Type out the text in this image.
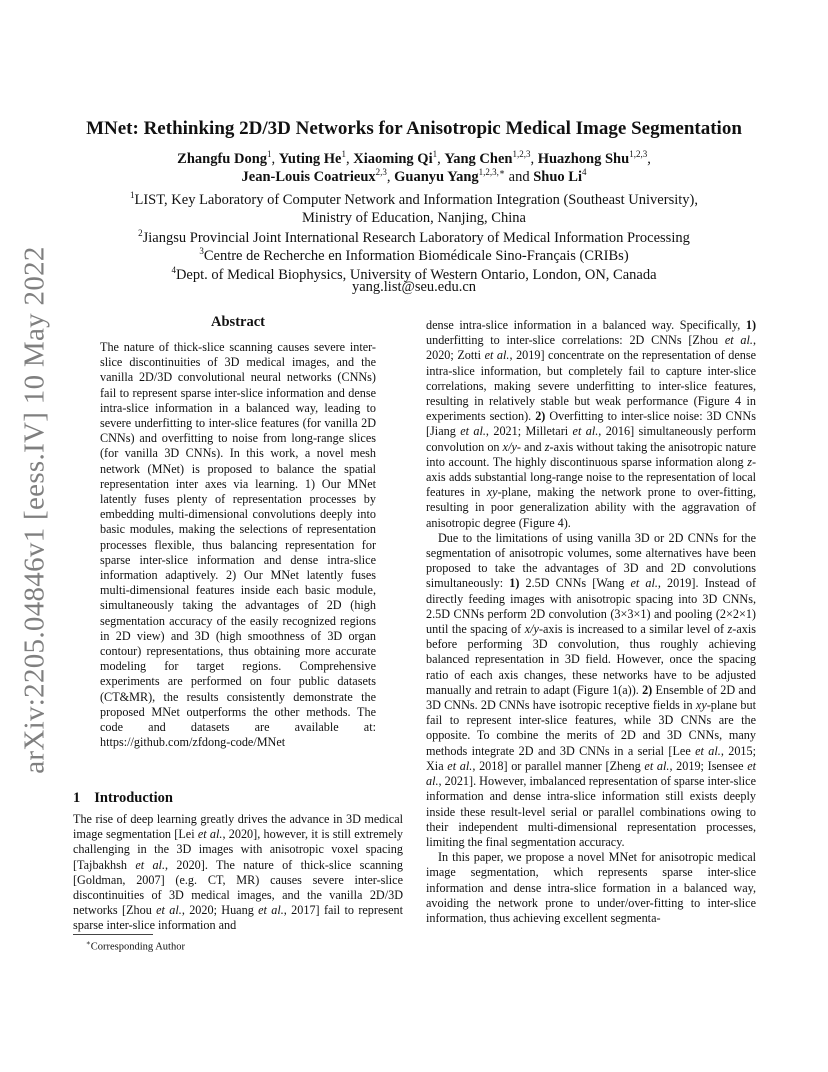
arXiv:2205.04846v1 [eess.IV] 10 May 2022
MNet: Rethinking 2D/3D Networks for Anisotropic Medical Image Segmentation
Zhangfu Dong$^1$, Yuting He$^1$, Xiaoming Qi$^1$, Yang Chen$^{1,2,3}$, Huazhong Shu$^{1,2,3}$,
Jean-Louis Coatrieux$^{2,3}$, Guanyu Yang$^{1,2,3,∗}$ and Shuo Li$^4$
$^1$LIST, Key Laboratory of Computer Network and Information Integration (Southeast University),
Ministry of Education, Nanjing, China
$^2$Jiangsu Provincial Joint International Research Laboratory of Medical Information Processing
$^3$Centre de Recherche en Information Biomédicale Sino-Français (CRIBs)
$^4$Dept. of Medical Biophysics, University of Western Ontario, London, ON, Canada
yang.list@seu.edu.cn
Abstract

The nature of thick-slice scanning causes severe inter-slice discontinuities of 3D medical images, and the vanilla 2D/3D convolutional neural networks (CNNs) fail to represent sparse inter-slice information and dense intra-slice information in a balanced way, leading to severe underfitting to inter-slice features (for vanilla 2D CNNs) and overfitting to noise from long-range slices (for vanilla 3D CNNs). In this work, a novel mesh network (MNet) is proposed to balance the spatial representation inter axes via learning. 1) Our MNet latently fuses plenty of representation processes by embedding multi-dimensional convolutions deeply into basic modules, making the selections of representation processes flexible, thus balancing representation for sparse inter-slice information and dense intra-slice information adaptively. 2) Our MNet latently fuses multi-dimensional features inside each basic module, simultaneously taking the advantages of 2D (high segmentation accuracy of the easily recognized regions in 2D view) and 3D (high smoothness of 3D organ contour) representations, thus obtaining more accurate modeling for target regions. Comprehensive experiments are performed on four public datasets (CT&MR), the results consistently demonstrate the proposed MNet outperforms the other methods. The code and datasets are available at: https://github.com/zfdong-code/MNet

1 Introduction

The rise of deep learning greatly drives the advance in 3D medical image segmentation [Lei et al., 2020], however, it is still extremely challenging in the 3D images with anisotropic voxel spacing [Tajbakhsh et al., 2020]. The nature of thick-slice scanning [Goldman, 2007] (e.g. CT, MR) causes severe inter-slice discontinuities of 3D medical images, and the vanilla 2D/3D networks [Zhou et al., 2020; Huang et al., 2017] fail to represent sparse inter-slice information and

∗Corresponding Author

dense intra-slice information in a balanced way. Specifically, 1) underfitting to inter-slice correlations: 2D CNNs [Zhou et al., 2020; Zotti et al., 2019] concentrate on the representation of dense intra-slice information, but completely fail to capture inter-slice correlations, making severe underfitting to inter-slice features, resulting in relatively stable but weak performance (Figure 4 in experiments section). 2) Overfitting to inter-slice noise: 3D CNNs [Jiang et al., 2021; Milletari et al., 2016] simultaneously perform convolution on x/y- and z-axis without taking the anisotropic nature into account. The highly discontinuous sparse information along z-axis adds substantial long-range noise to the representation of local features in xy-plane, making the network prone to over-fitting, resulting in poor generalization ability with the aggravation of anisotropic degree (Figure 4).

Due to the limitations of using vanilla 3D or 2D CNNs for the segmentation of anisotropic volumes, some alternatives have been proposed to take the advantages of 3D and 2D convolutions simultaneously: 1) 2.5D CNNs [Wang et al., 2019]. Instead of directly feeding images with anisotropic spacing into 3D CNNs, 2.5D CNNs perform 2D convolution (3×3×1) and pooling (2×2×1) until the spacing of x/y-axis is increased to a similar level of z-axis before performing 3D convolution, thus roughly achieving balanced representation in 3D field. However, once the spacing ratio of each axis changes, these networks have to be adjusted manually and retrain to adapt (Figure 1(a)). 2) Ensemble of 2D and 3D CNNs. 2D CNNs have isotropic receptive fields in xy-plane but fail to represent inter-slice features, while 3D CNNs are the opposite. To combine the merits of 2D and 3D CNNs, many methods integrate 2D and 3D CNNs in a serial [Lee et al., 2015; Xia et al., 2018] or parallel manner [Zheng et al., 2019; Isensee et al., 2021]. However, imbalanced representation of sparse inter-slice information and dense intra-slice information still exists deeply inside these result-level serial or parallel combinations owing to their independent multi-dimensional representation processes, limiting the final segmentation accuracy.

In this paper, we propose a novel MNet for anisotropic medical image segmentation, which represents sparse inter-slice information and dense intra-slice formation in a balanced way, avoiding the network prone to under/over-fitting to inter-slice information, thus achieving excellent segmenta-
